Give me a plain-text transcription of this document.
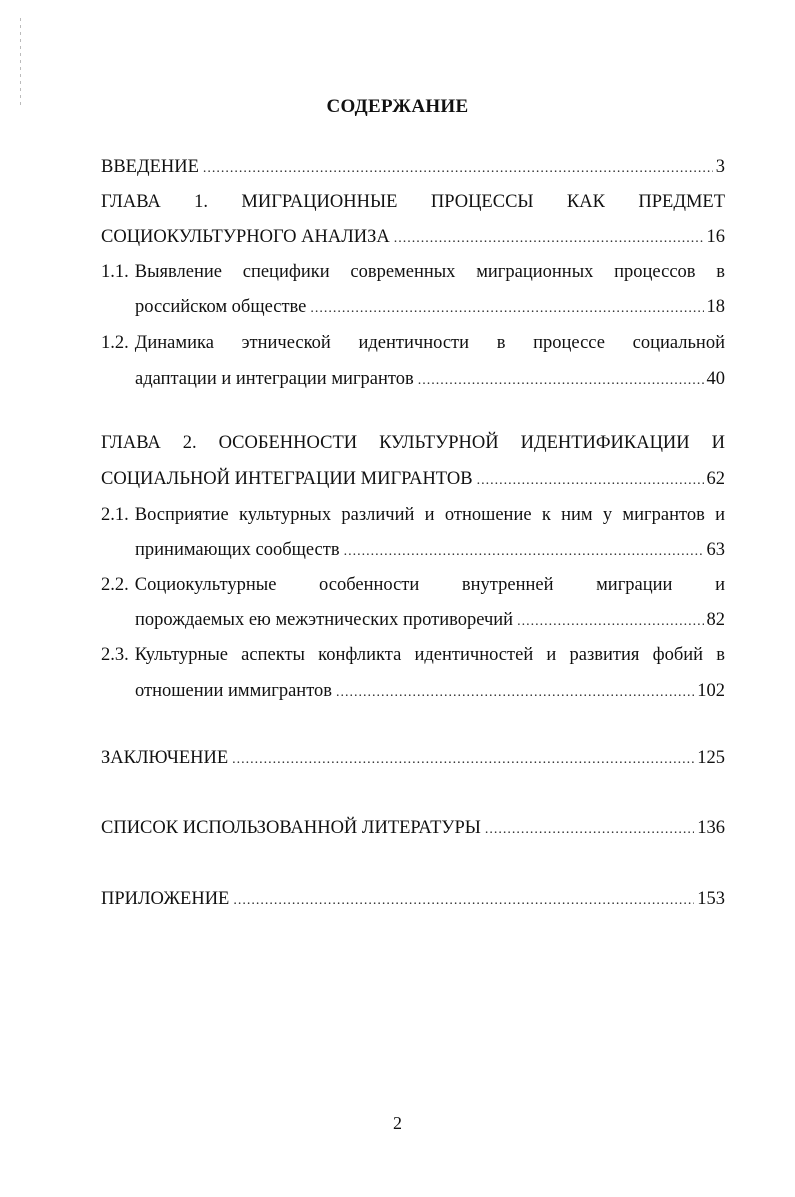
СОДЕРЖАНИЕ
ВВЕДЕНИЕ .....	3
ГЛАВА 1. МИГРАЦИОННЫЕ ПРОЦЕССЫ КАК ПРЕДМЕТ
СОЦИОКУЛЬТУРНОГО АНАЛИЗА .....	16
1.1. Выявление специфики современных миграционных процессов в
российском обществе .....	18
1.2. Динамика этнической идентичности в процессе социальной
адаптации и интеграции мигрантов .....	40
ГЛАВА 2. ОСОБЕННОСТИ КУЛЬТУРНОЙ ИДЕНТИФИКАЦИИ И
СОЦИАЛЬНОЙ ИНТЕГРАЦИИ МИГРАНТОВ .....	62
2.1. Восприятие культурных различий и отношение к ним у мигрантов и
принимающих сообществ .....	63
2.2. Социокультурные особенности внутренней миграции и
порождаемых ею межэтнических противоречий .....	82
2.3. Культурные аспекты конфликта идентичностей и развития фобий в
отношении иммигрантов .....	102
ЗАКЛЮЧЕНИЕ .....	125
СПИСОК ИСПОЛЬЗОВАННОЙ ЛИТЕРАТУРЫ .....	136
ПРИЛОЖЕНИЕ .....	153
2
